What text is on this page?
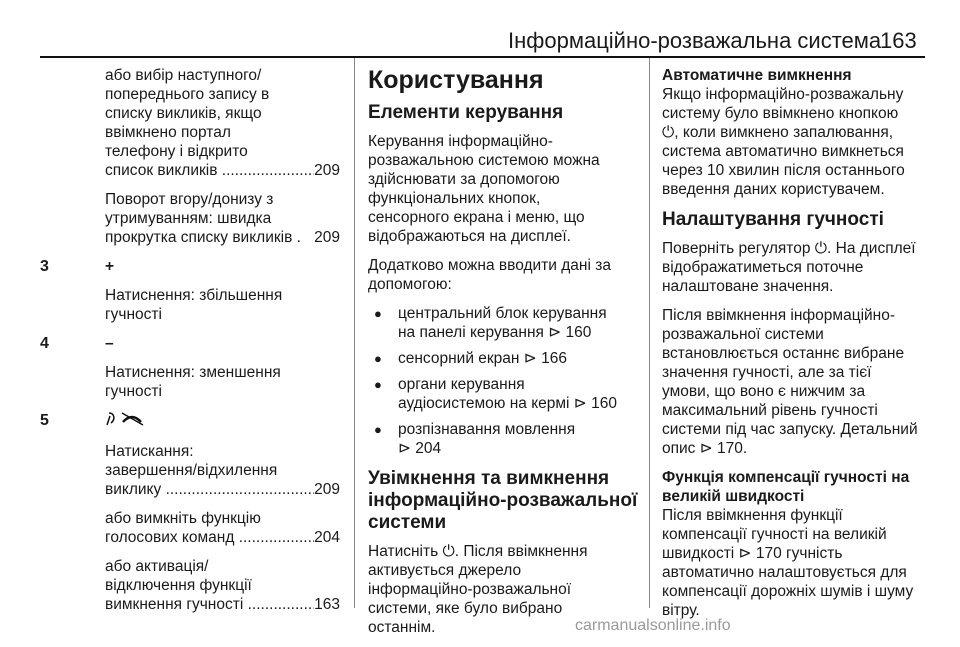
Інформаційно-розважальна система
163
або вибір наступного/
попереднього запису в
списку викликів, якщо
ввімкнено портал
телефону і відкрито
список викликів .....	209
Поворот вгору/донизу з
утримуванням: швидка
прокрутка списку викликів . 209
3	+
Натиснення: збільшення
гучності
4	–
Натиснення: зменшення
гучності
5
Натискання:
завершення/відхилення
виклику .....	209
або вимкніть функцію
голосових команд .....	204
або активація/
відключення функції
вимкнення гучності .....	163
Користування
Елементи керування

Керування інформаційно-
розважальною системою можна
здійснювати за допомогою
функціональних кнопок,
сенсорного екрана і меню, що
відображаються на дисплеї.

Додатково можна вводити дані за
допомогою:

● центральний блок керування
на панелі керування ⊳ 160
● сенсорний екран ⊳ 166
● органи керування
аудіосистемою на кермі ⊳ 160
● розпізнавання мовлення
⊳ 204
Увімкнення та вимкнення
інформаційно-розважальної
системи

Натисніть ⏻. Після ввімкнення
активується джерело
інформаційно-розважальної
системи, яке було вибрано
останнім.

Автоматичне вимкнення

Якщо інформаційно-розважальну
систему було ввімкнено кнопкою
⏻, коли вимкнено запалювання,
система автоматично вимкнеться
через 10 хвилин після останнього
введення даних користувачем.

Налаштування гучності

Поверніть регулятор ⏻. На дисплеї
відображатиметься поточне
налаштоване значення.

Після ввімкнення інформаційно-
розважальної системи
встановлюється останнє вибране
значення гучності, але за тієї
умови, що воно є нижчим за
максимальний рівень гучності
системи під час запуску. Детальний
опис ⊳ 170.

Функція компенсації гучності на
великій швидкості

Після ввімкнення функції
компенсації гучності на великій
швидкості ⊳ 170 гучність
автоматично налаштовується для
компенсації дорожніх шумів і шуму
вітру.

carmanualsonline.info
